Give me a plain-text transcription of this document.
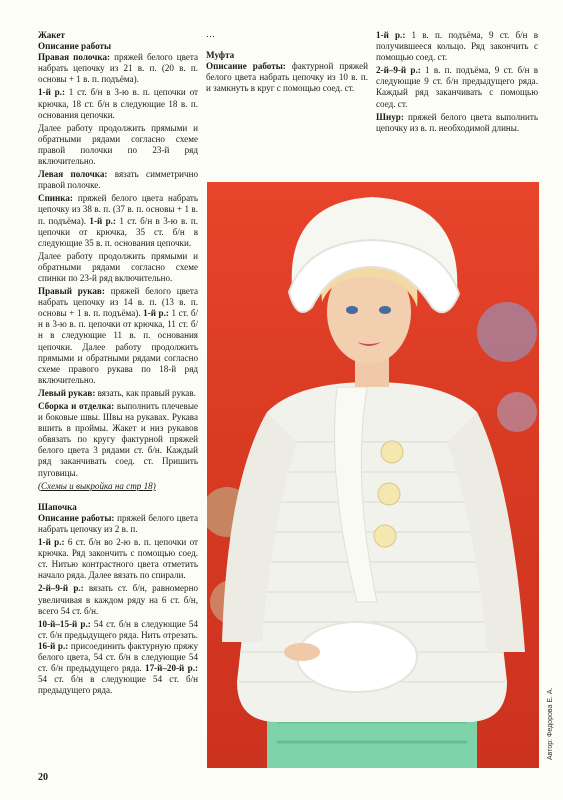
Жакет
Описание работы

Правая полочка: пряжей белого цвета набрать цепочку из 21 в. п. (20 в. п. основы + 1 в. п. подъёма).

1-й р.: 1 ст. б/н в 3-ю в. п. цепочки от крючка, 18 ст. б/н в следующие 18 в. п. основания цепочки.

Далее работу продолжить прямыми и обратными рядами согласно схеме правой полочки по 23-й ряд включительно.

Левая полочка: вязать симметрично правой полочке.

Спинка: пряжей белого цвета набрать цепочку из 38 в. п. (37 в. п. основы + 1 в. п. подъёма). 1-й р.: 1 ст. б/н в 3-ю в. п. цепочки от крючка, 35 ст. б/н в следующие 35 в. п. основания цепочки.

Далее работу продолжить прямыми и обратными рядами согласно схеме спинки по 23-й ряд включительно.

Правый рукав: пряжей белого цвета набрать цепочку из 14 в. п. (13 в. п. основы + 1 в. п. подъёма). 1-й р.: 1 ст. б/н в 3-ю в. п. цепочки от крючка, 11 ст. б/н в следующие 11 в. п. основания цепочки. Далее работу продолжить прямыми и обратными рядами согласно схеме правого рукава по 18-й ряд включительно.

Левый рукав: вязать, как правый рукав.

Сборка и отделка: выполнить плечевые и боковые швы. Швы на рукавах. Рукава вшить в проймы. Жакет и низ рукавов обвязать по кругу фактурной пряжей белого цвета 3 рядами ст. б/н. Каждый ряд заканчивать соед. ст. Пришить пуговицы.

(Схемы и выкройка на стр 18)

Шапочка

Описание работы: пряжей белого цвета набрать цепочку из 2 в. п.

1-й р.: 6 ст. б/н во 2-ю в. п. цепочки от крючка. Ряд закончить с помощью соед. ст. Нитью контрастного цвета отметить начало ряда. Далее вязать по спирали.

2-й–9-й р.: вязать ст. б/н, равномерно увеличивая в каждом ряду на 6 ст. б/н, всего 54 ст. б/н.

10-й–15-й р.: 54 ст. б/н в следующие 54 ст. б/н предыдущего ряда. Нить отрезать. 16-й р.: присоединить фактурную пряжу белого цвета, 54 ст. б/н в следующие 54 ст. б/н предыдущего ряда. 17-й–20-й р.: 54 ст. б/н в следующие 54 ст. б/н предыдущего ряда.

…

Муфта

Описание работы: фактурной пряжей белого цвета набрать цепочку из 10 в. п. и замкнуть в круг с помощью соед. ст.

1-й р.: 1 в. п. подъёма, 9 ст. б/н в получившееся кольцо. Ряд закончить с помощью соед. ст.

2-й–9-й р.: 1 в. п. подъёма, 9 ст. б/н в следующие 9 ст. б/н предыдущего ряда. Каждый ряд заканчивать с помощью соед. ст.

Шнур: пряжей белого цвета выполнить цепочку из в. п. необходимой длины.

Автор: Федорова Е. А.
20
